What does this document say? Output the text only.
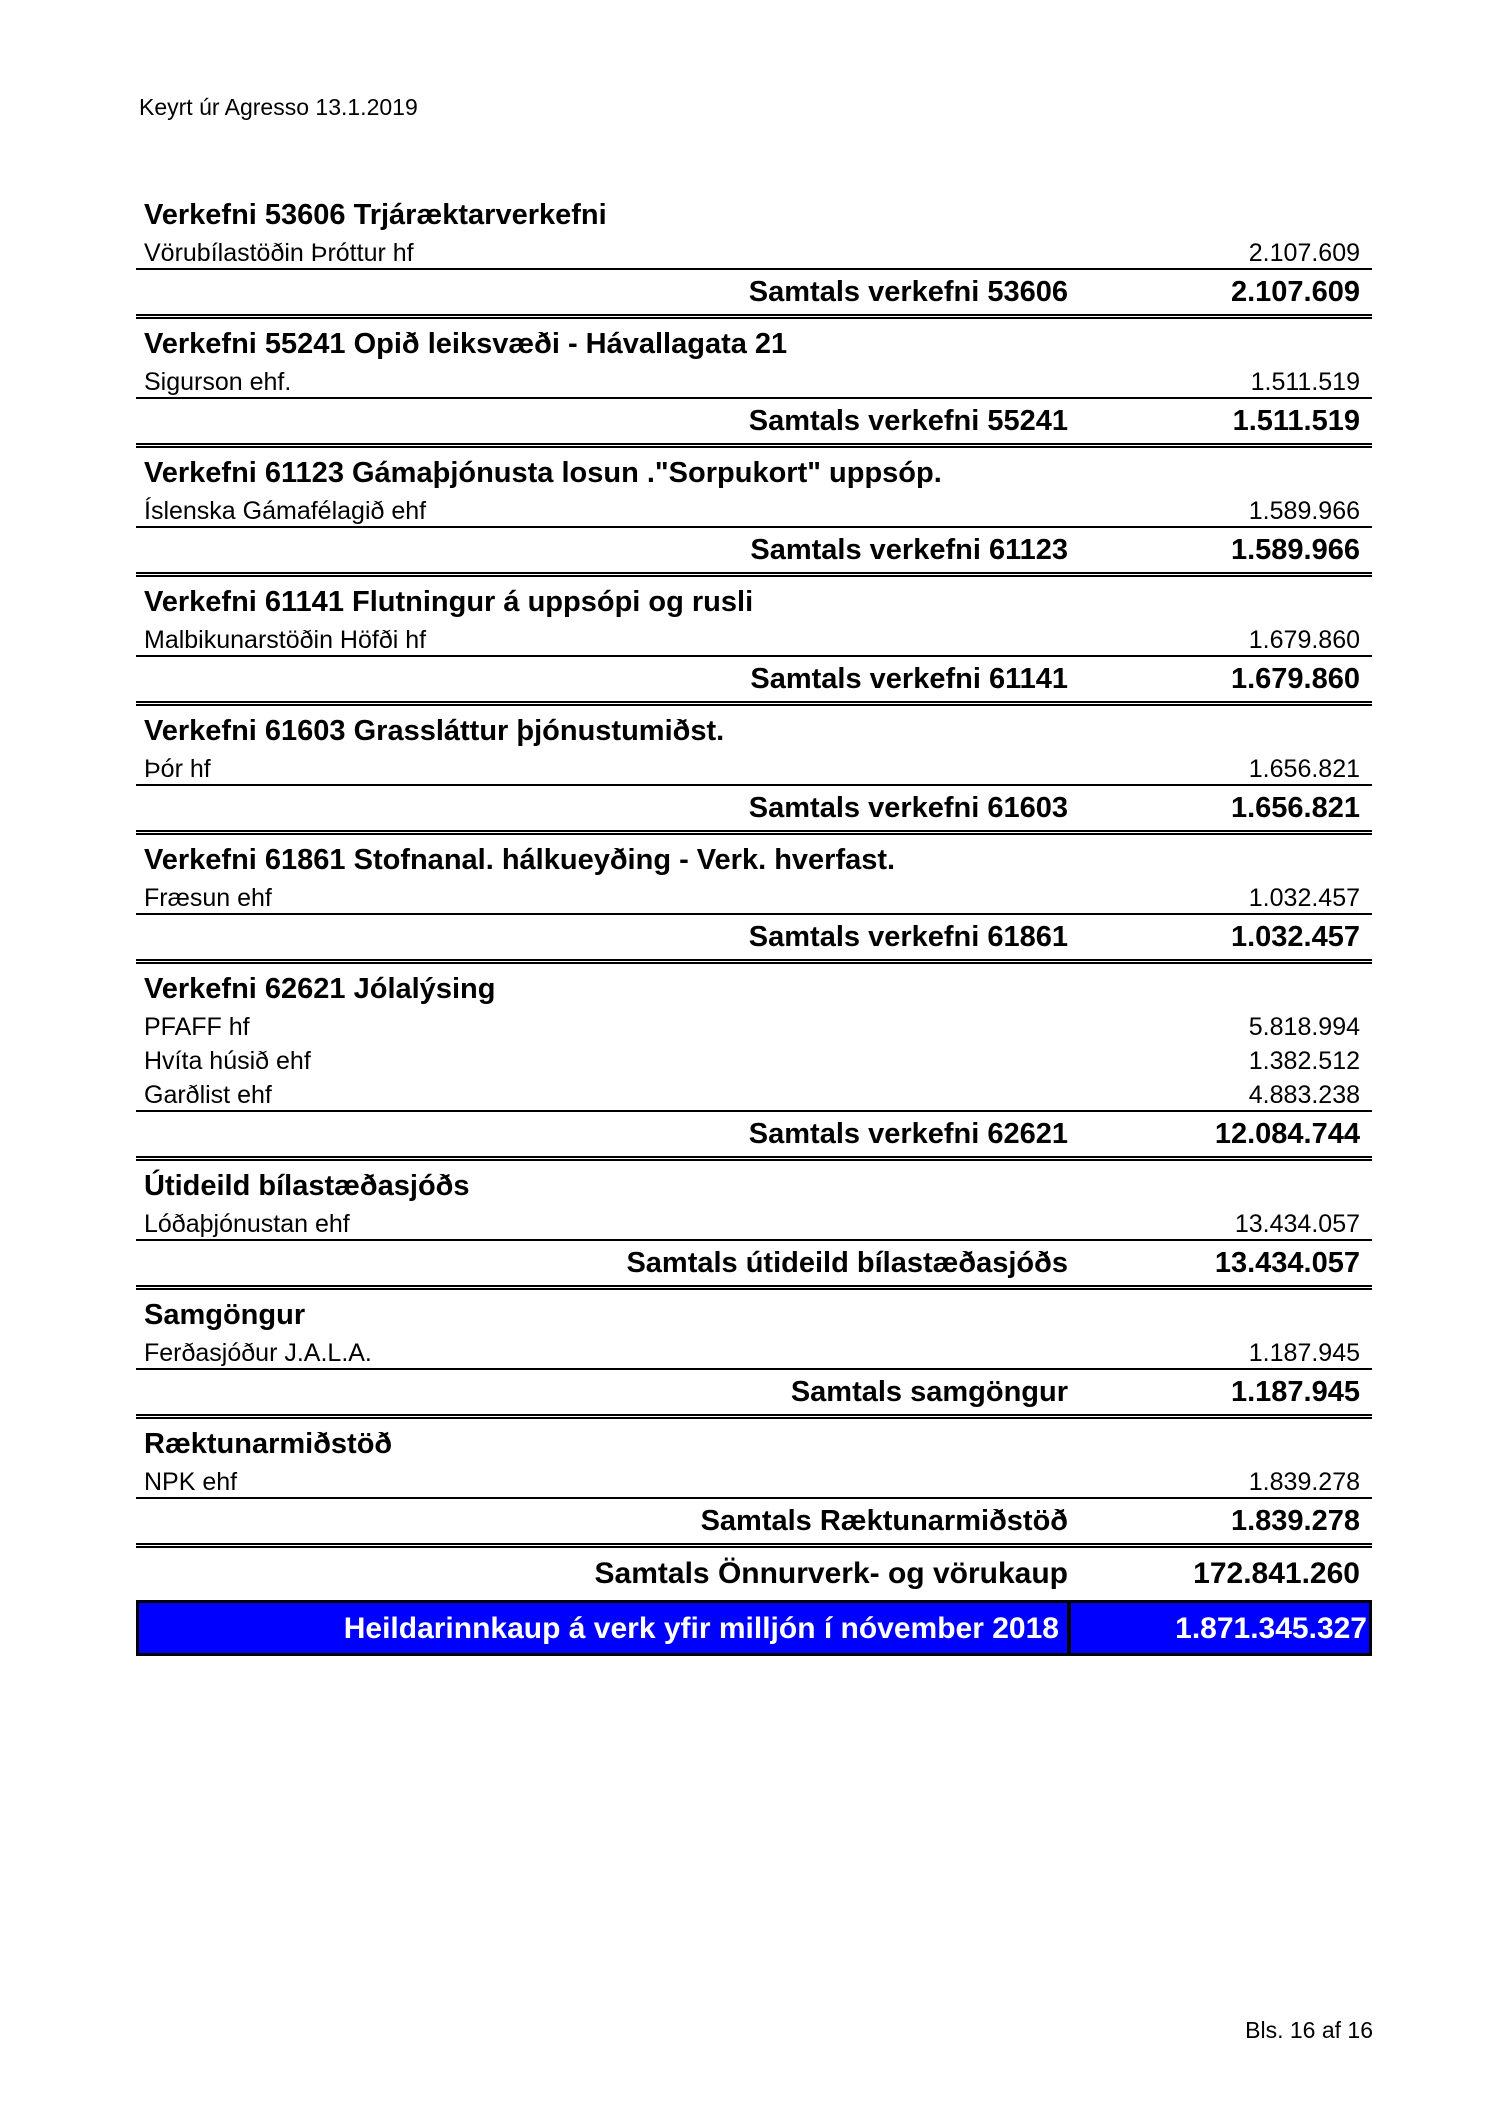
Keyrt úr Agresso 13.1.2019
Verkefni 53606 Trjáræktarverkefni
Vörubílastöðin Þróttur hf	2.107.609
Samtals verkefni 53606	2.107.609
Verkefni 55241 Opið leiksvæði - Hávallagata 21
Sigurson ehf.	1.511.519
Samtals verkefni 55241	1.511.519
Verkefni 61123 Gámaþjónusta losun ."Sorpukort" uppsóp.
Íslenska Gámafélagið ehf	1.589.966
Samtals verkefni 61123	1.589.966
Verkefni 61141 Flutningur á uppsópi og rusli
Malbikunarstöðin Höfði hf	1.679.860
Samtals verkefni 61141	1.679.860
Verkefni 61603 Grassláttur þjónustumiðst.
Þór hf	1.656.821
Samtals verkefni 61603	1.656.821
Verkefni 61861 Stofnanal. hálkueyðing - Verk. hverfast.
Fræsun ehf	1.032.457
Samtals verkefni 61861	1.032.457
Verkefni 62621 Jólalýsing
PFAFF hf	5.818.994
Hvíta húsið ehf	1.382.512
Garðlist ehf	4.883.238
Samtals verkefni 62621	12.084.744
Útideild bílastæðasjóðs
Lóðaþjónustan ehf	13.434.057
Samtals útideild bílastæðasjóðs	13.434.057
Samgöngur
Ferðasjóður J.A.L.A.	1.187.945
Samtals samgöngur	1.187.945
Ræktunarmiðstöð
NPK ehf	1.839.278
Samtals Ræktunarmiðstöð	1.839.278
Samtals Önnurverk- og vörukaup	172.841.260
Heildarinnkaup á verk yfir milljón í nóvember 2018	1.871.345.327
Bls. 16 af 16
